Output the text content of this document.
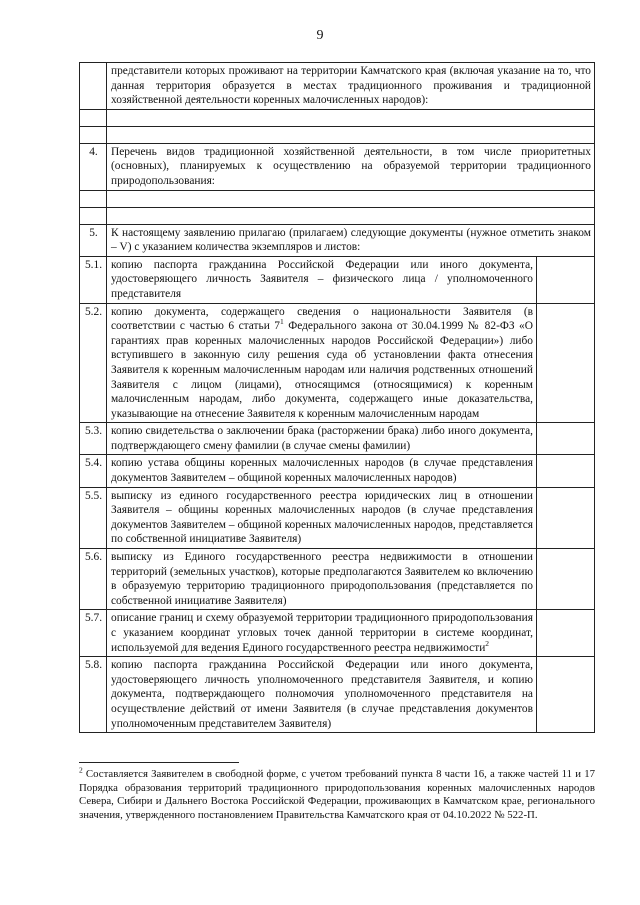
9
	представители которых проживают на территории Камчатского края (включая указание на то, что данная территория образуется в местах традиционного проживания и традиционной хозяйственной деятельности коренных малочисленных народов):	

4.	Перечень видов традиционной хозяйственной деятельности, в том числе приоритетных (основных), планируемых к осуществлению на образуемой территории традиционного природопользования:	

5.	К настоящему заявлению прилагаю (прилагаем) следующие документы (нужное отметить знаком – V) с указанием количества экземпляров и листов:	
5.1.	копию паспорта гражданина Российской Федерации или иного документа, удостоверяющего личность Заявителя – физического лица / уполномоченного представителя	
5.2.	копию документа, содержащего сведения о национальности Заявителя (в соответствии с частью 6 статьи $7^1$ Федерального закона от 30.04.1999 № 82-ФЗ «О гарантиях прав коренных малочисленных народов Российской Федерации») либо вступившего в законную силу решения суда об установлении факта отнесения Заявителя к коренным малочисленным народам или наличия родственных отношений Заявителя с лицом (лицами), относящимся (относящимися) к коренным малочисленным народам, либо документа, содержащего иные доказательства, указывающие на отнесение Заявителя к коренным малочисленным народам	
5.3.	копию свидетельства о заключении брака (расторжении брака) либо иного документа, подтверждающего смену фамилии (в случае смены фамилии)	
5.4.	копию устава общины коренных малочисленных народов (в случае представления документов Заявителем – общиной коренных малочисленных народов)	
5.5.	выписку из единого государственного реестра юридических лиц в отношении Заявителя – общины коренных малочисленных народов (в случае представления документов Заявителем – общиной коренных малочисленных народов, представляется по собственной инициативе Заявителя)	
5.6.	выписку из Единого государственного реестра недвижимости в отношении территорий (земельных участков), которые предполагаются Заявителем ко включению в образуемую территорию традиционного природопользования (представляется по собственной инициативе Заявителя)	
5.7.	описание границ и схему образуемой территории традиционного природопользования с указанием координат угловых точек данной территории в системе координат, используемой для ведения Единого государственного реестра недвижимости$^2$	
5.8.	копию паспорта гражданина Российской Федерации или иного документа, удостоверяющего личность уполномоченного представителя Заявителя, и копию документа, подтверждающего полномочия уполномоченного представителя на осуществление действий от имени Заявителя (в случае представления документов уполномоченным представителем Заявителя)	
$^2$ Составляется Заявителем в свободной форме, с учетом требований пункта 8 части 16, а также частей 11 и 17 Порядка образования территорий традиционного природопользования коренных малочисленных народов Севера, Сибири и Дальнего Востока Российской Федерации, проживающих в Камчатском крае, регионального значения, утвержденного постановлением Правительства Камчатского края от 04.10.2022 № 522-П.
